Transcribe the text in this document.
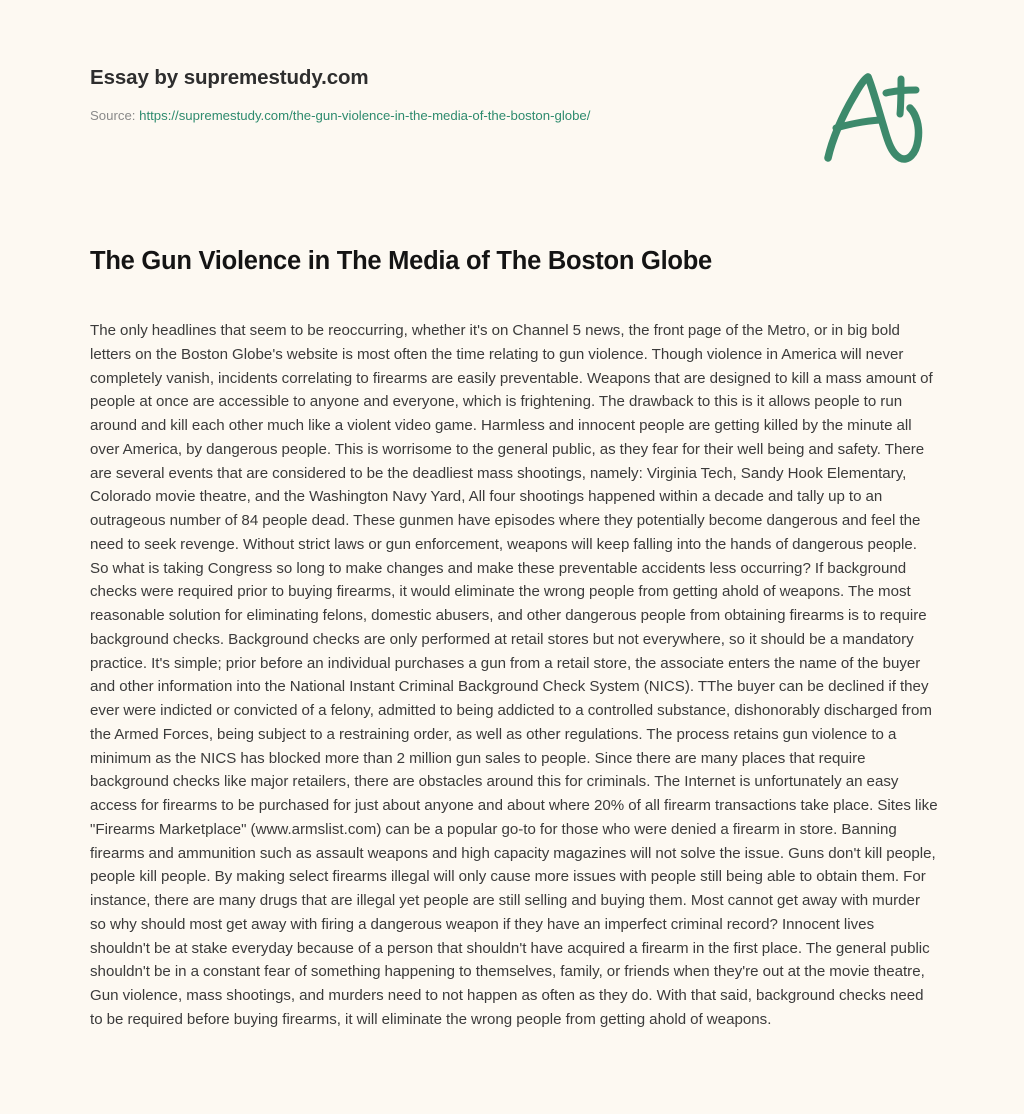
Essay by supremestudy.com
Source: https://supremestudy.com/the-gun-violence-in-the-media-of-the-boston-globe/
The Gun Violence in The Media of The Boston Globe

The only headlines that seem to be reoccurring, whether it's on Channel 5 news, the front page of the Metro, or in big bold letters on the Boston Globe's website is most often the time relating to gun violence. Though violence in America will never completely vanish, incidents correlating to firearms are easily preventable. Weapons that are designed to kill a mass amount of people at once are accessible to anyone and everyone, which is frightening. The drawback to this is it allows people to run around and kill each other much like a violent video game. Harmless and innocent people are getting killed by the minute all over America, by dangerous people. This is worrisome to the general public, as they fear for their well being and safety. There are several events that are considered to be the deadliest mass shootings, namely: Virginia Tech, Sandy Hook Elementary, Colorado movie theatre, and the Washington Navy Yard, All four shootings happened within a decade and tally up to an outrageous number of 84 people dead. These gunmen have episodes where they potentially become dangerous and feel the need to seek revenge. Without strict laws or gun enforcement, weapons will keep falling into the hands of dangerous people. So what is taking Congress so long to make changes and make these preventable accidents less occurring? If background checks were required prior to buying firearms, it would eliminate the wrong people from getting ahold of weapons. The most reasonable solution for eliminating felons, domestic abusers, and other dangerous people from obtaining firearms is to require background checks. Background checks are only performed at retail stores but not everywhere, so it should be a mandatory practice. It's simple; prior before an individual purchases a gun from a retail store, the associate enters the name of the buyer and other information into the National Instant Criminal Background Check System (NICS). TThe buyer can be declined if they ever were indicted or convicted of a felony, admitted to being addicted to a controlled substance, dishonorably discharged from the Armed Forces, being subject to a restraining order, as well as other regulations. The process retains gun violence to a minimum as the NICS has blocked more than 2 million gun sales to people. Since there are many places that require background checks like major retailers, there are obstacles around this for criminals. The Internet is unfortunately an easy access for firearms to be purchased for just about anyone and about where 20% of all firearm transactions take place. Sites like "Firearms Marketplace" (www.armslist.com) can be a popular go-to for those who were denied a firearm in store. Banning firearms and ammunition such as assault weapons and high capacity magazines will not solve the issue. Guns don't kill people, people kill people. By making select firearms illegal will only cause more issues with people still being able to obtain them. For instance, there are many drugs that are illegal yet people are still selling and buying them. Most cannot get away with murder so why should most get away with firing a dangerous weapon if they have an imperfect criminal record? Innocent lives shouldn't be at stake everyday because of a person that shouldn't have acquired a firearm in the first place. The general public shouldn't be in a constant fear of something happening to themselves, family, or friends when they're out at the movie theatre, Gun violence, mass shootings, and murders need to not happen as often as they do. With that said, background checks need to be required before buying firearms, it will eliminate the wrong people from getting ahold of weapons.
